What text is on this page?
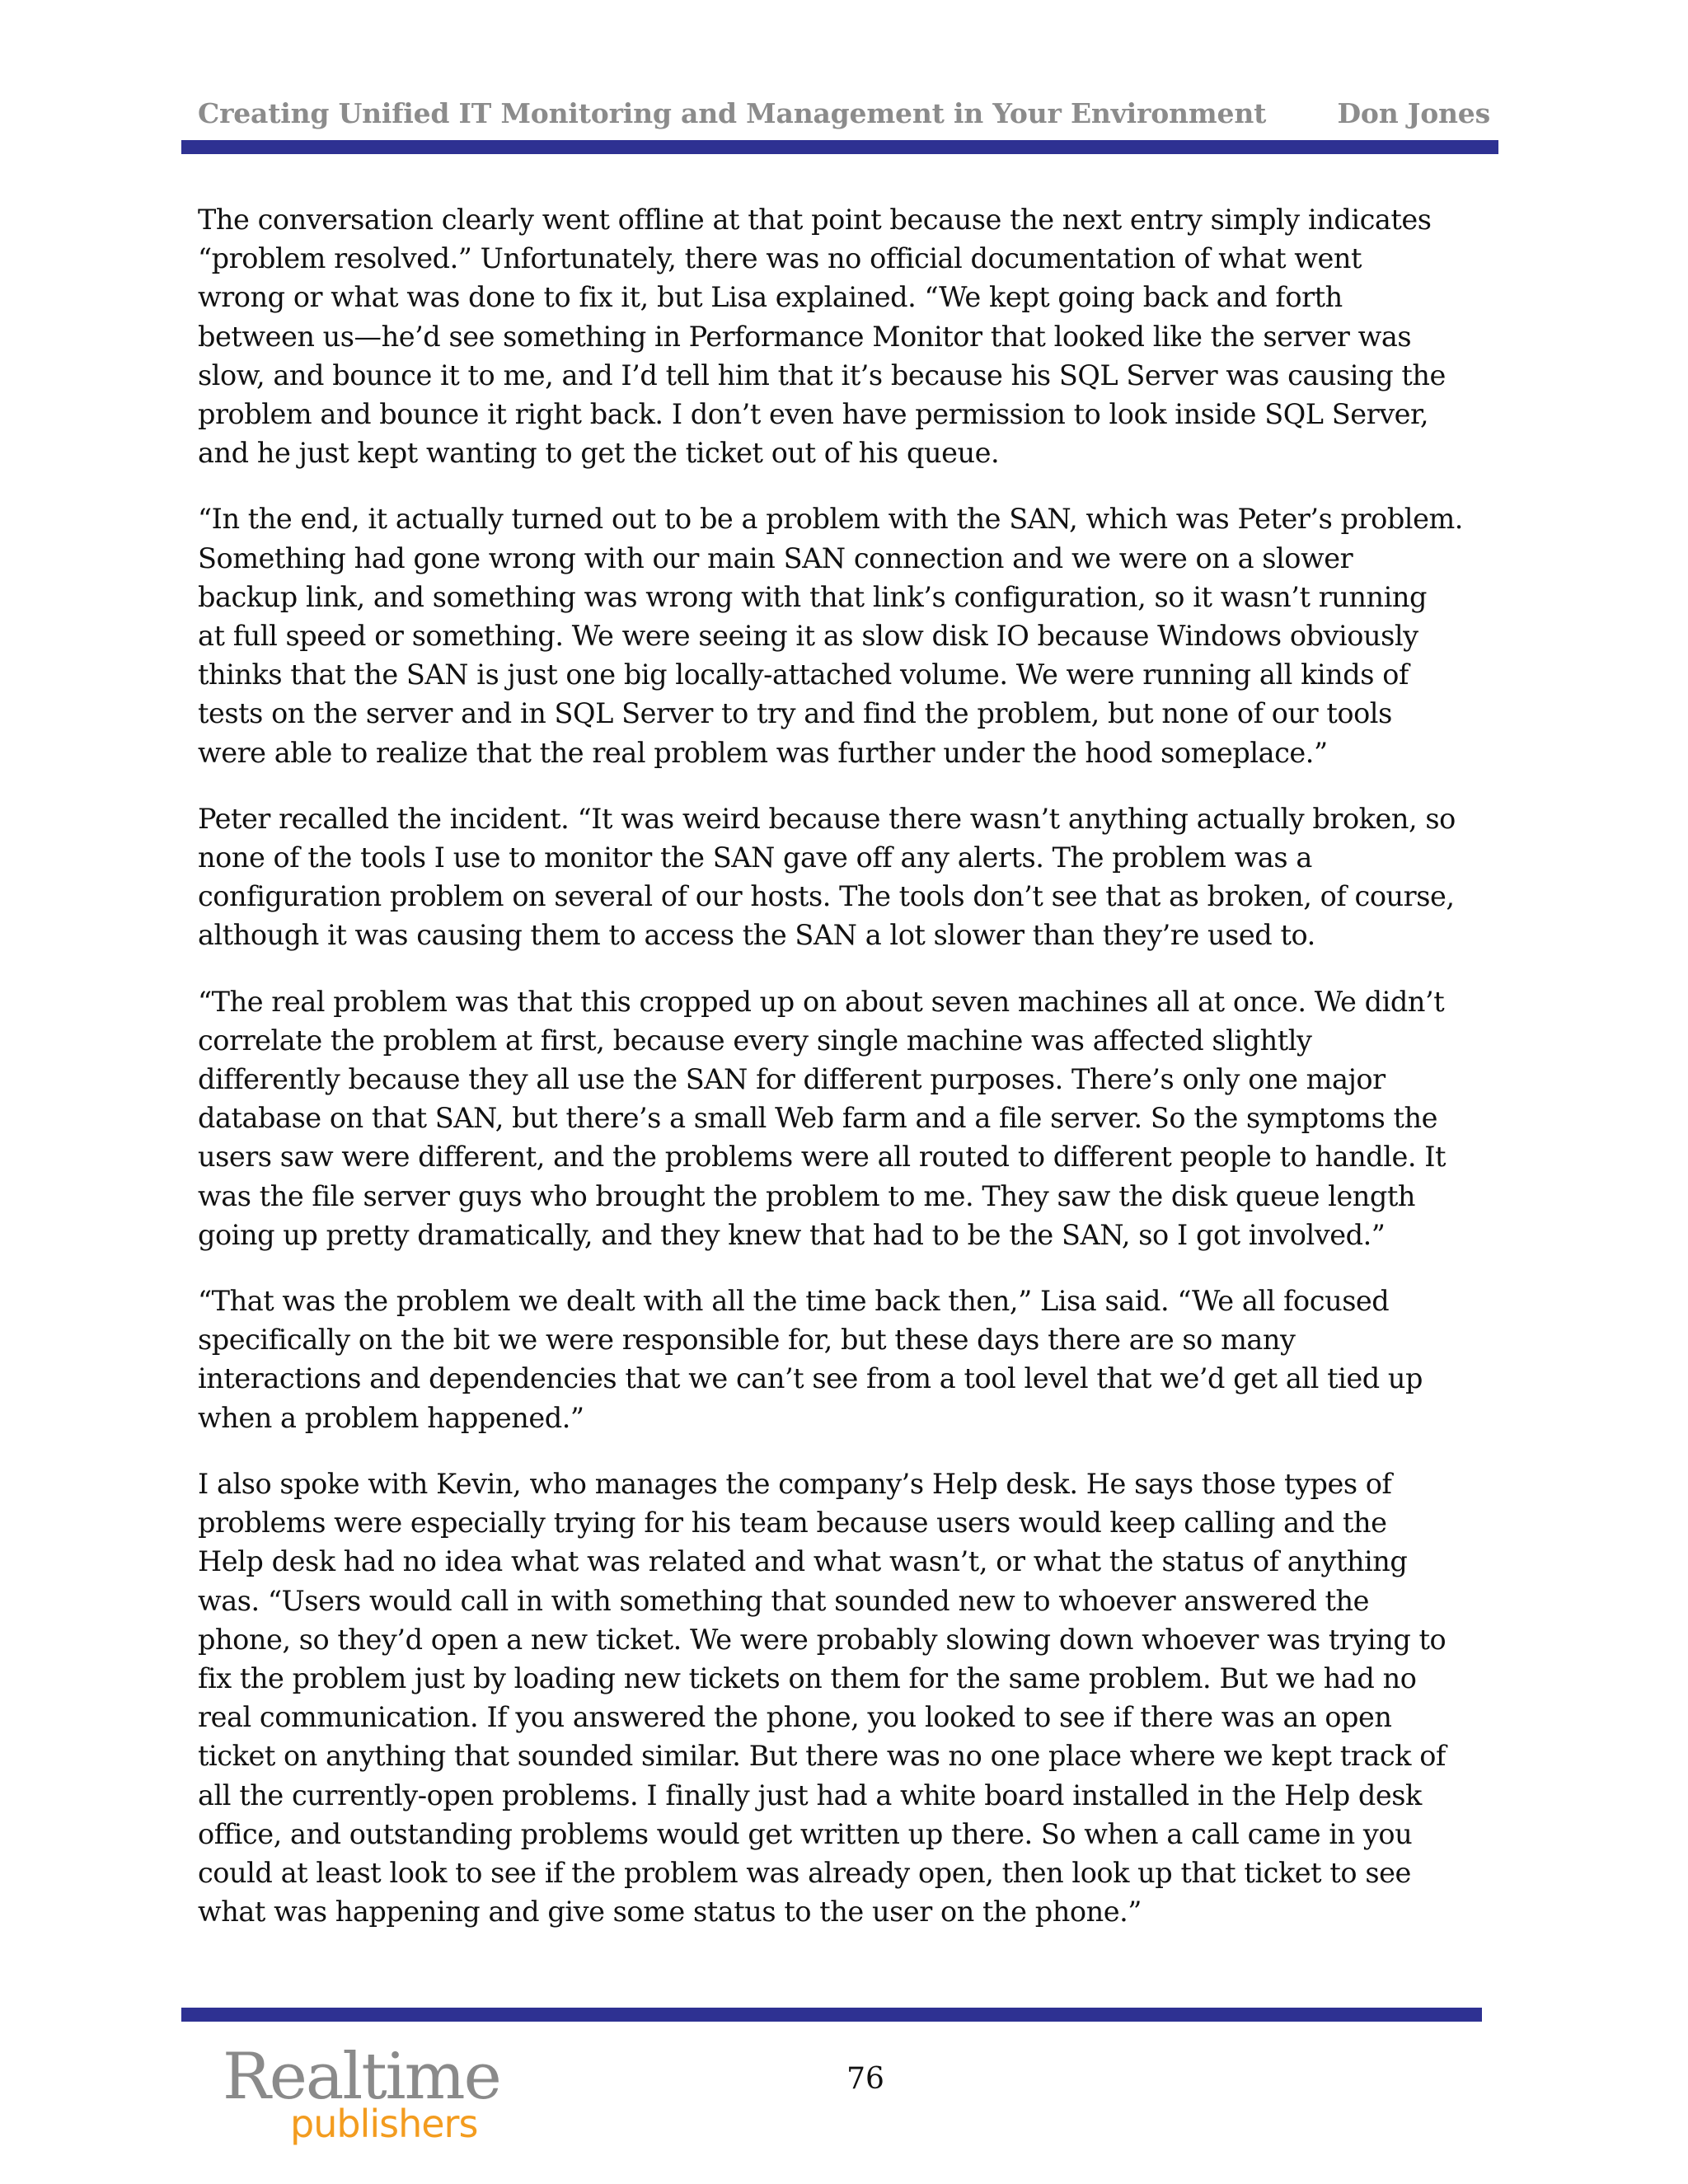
Creating Unified IT Monitoring and Management in Your Environment	Don Jones

The conversation clearly went offline at that point because the next entry simply indicates
“problem resolved.” Unfortunately, there was no official documentation of what went
wrong or what was done to fix it, but Lisa explained. “We kept going back and forth
between us—he’d see something in Performance Monitor that looked like the server was
slow, and bounce it to me, and I’d tell him that it’s because his SQL Server was causing the
problem and bounce it right back. I don’t even have permission to look inside SQL Server,
and he just kept wanting to get the ticket out of his queue.

“In the end, it actually turned out to be a problem with the SAN, which was Peter’s problem.
Something had gone wrong with our main SAN connection and we were on a slower
backup link, and something was wrong with that link’s configuration, so it wasn’t running
at full speed or something. We were seeing it as slow disk IO because Windows obviously
thinks that the SAN is just one big locally-attached volume. We were running all kinds of
tests on the server and in SQL Server to try and find the problem, but none of our tools
were able to realize that the real problem was further under the hood someplace.”

Peter recalled the incident. “It was weird because there wasn’t anything actually broken, so
none of the tools I use to monitor the SAN gave off any alerts. The problem was a
configuration problem on several of our hosts. The tools don’t see that as broken, of course,
although it was causing them to access the SAN a lot slower than they’re used to.

“The real problem was that this cropped up on about seven machines all at once. We didn’t
correlate the problem at first, because every single machine was affected slightly
differently because they all use the SAN for different purposes. There’s only one major
database on that SAN, but there’s a small Web farm and a file server. So the symptoms the
users saw were different, and the problems were all routed to different people to handle. It
was the file server guys who brought the problem to me. They saw the disk queue length
going up pretty dramatically, and they knew that had to be the SAN, so I got involved.”

“That was the problem we dealt with all the time back then,” Lisa said. “We all focused
specifically on the bit we were responsible for, but these days there are so many
interactions and dependencies that we can’t see from a tool level that we’d get all tied up
when a problem happened.”

I also spoke with Kevin, who manages the company’s Help desk. He says those types of
problems were especially trying for his team because users would keep calling and the
Help desk had no idea what was related and what wasn’t, or what the status of anything
was. “Users would call in with something that sounded new to whoever answered the
phone, so they’d open a new ticket. We were probably slowing down whoever was trying to
fix the problem just by loading new tickets on them for the same problem. But we had no
real communication. If you answered the phone, you looked to see if there was an open
ticket on anything that sounded similar. But there was no one place where we kept track of
all the currently-open problems. I finally just had a white board installed in the Help desk
office, and outstanding problems would get written up there. So when a call came in you
could at least look to see if the problem was already open, then look up that ticket to see
what was happening and give some status to the user on the phone.”

Realtime
publishers
76
